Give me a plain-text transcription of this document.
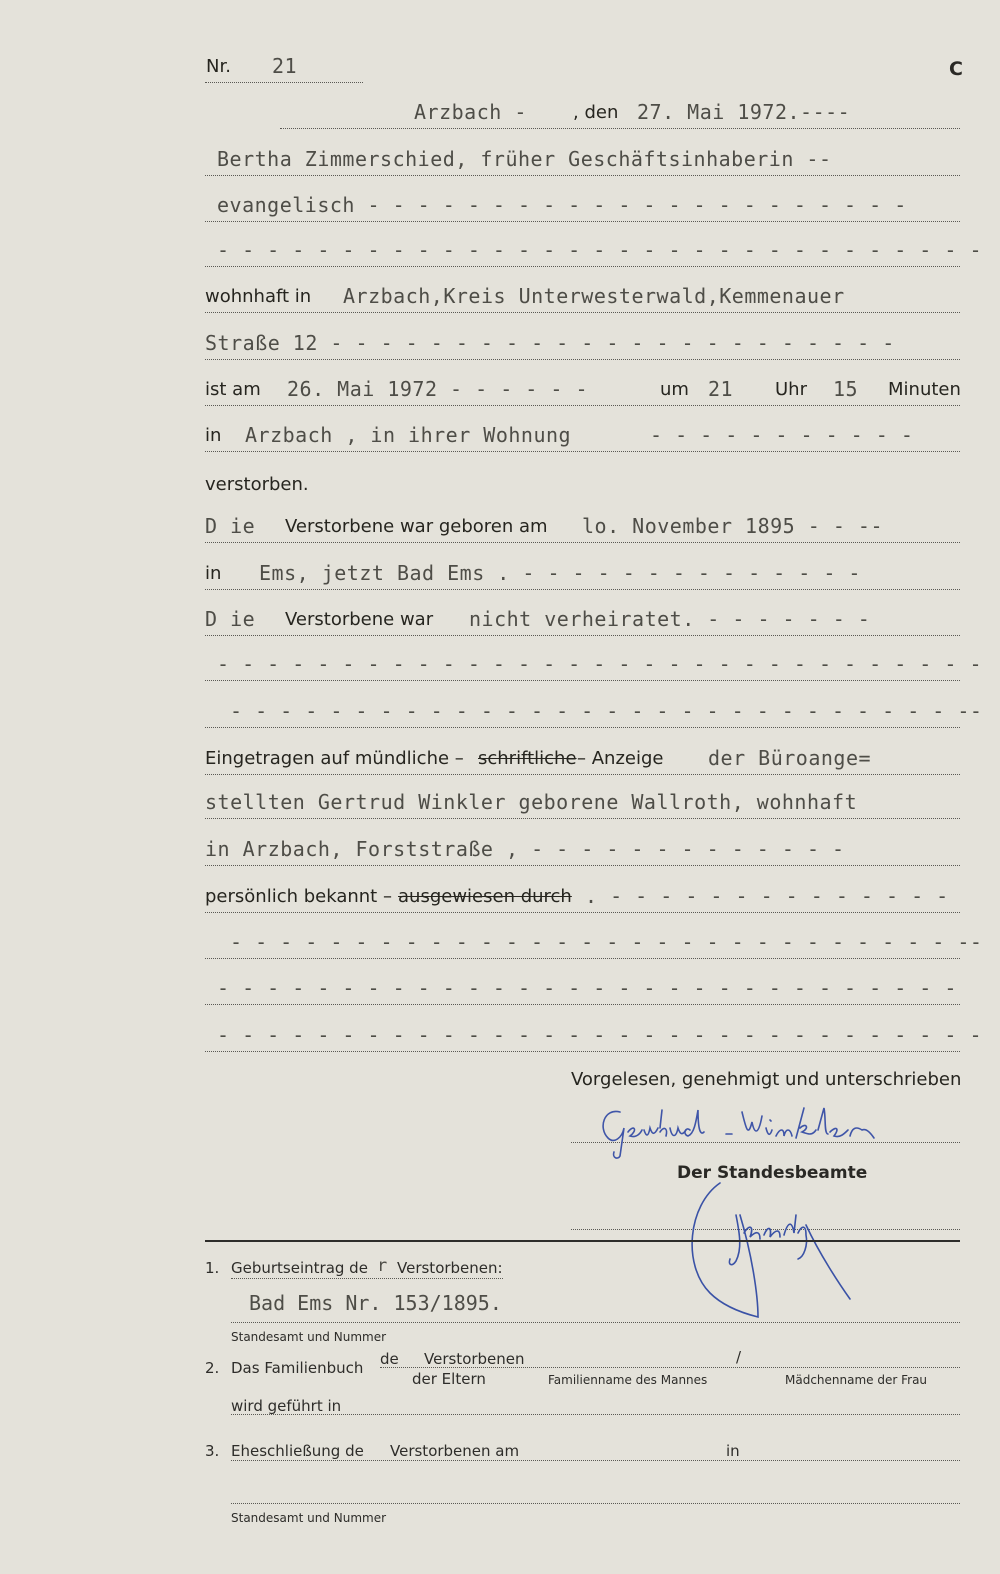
Nr. 21	C
Arzbach -	, den 27. Mai 1972.----
Bertha Zimmerschied, früher Geschäftsinhaberin --
evangelisch - - - - - - - - - - - - - - - - - - - - - -
- - - - - - - - - - - - - - - - - - - - - - - - - - - - - - -
wohnhaft in Arzbach,Kreis Unterwesterwald,Kemmenauer
Straße 12 - - - - - - - - - - - - - - - - - - - - - - -
ist am 26. Mai 1972 - - - - - -	um 21 Uhr 15 Minuten
in Arzbach , in ihrer Wohnung	- - - - - - - - - - -
verstorben.
D ie Verstorbene war geboren am lo. November 1895 - - --
in Ems, jetzt Bad Ems . - - - - - - - - - - - - - -
D ie Verstorbene war nicht verheiratet. - - - - - - -
- - - - - - - - - - - - - - - - - - - - - - - - - - - - - - -
- - - - - - - - - - - - - - - - - - - - - - - - - - - - - --
Eingetragen auf mündliche – schriftliche – Anzeige der Büroange=
stellten Gertrud Winkler geborene Wallroth, wohnhaft
in Arzbach, Forststraße , - - - - - - - - - - - - -
persönlich bekannt – ausgewiesen durch . - - - - - - - - - - - - - -
- - - - - - - - - - - - - - - - - - - - - - - - - - - - - --
- - - - - - - - - - - - - - - - - - - - - - - - - - - - - -
- - - - - - - - - - - - - - - - - - - - - - - - - - - - - - -
Vorgelesen, genehmigt und unterschrieben
Der Standesbeamte
1. Geburtseintrag de r Verstorbenen:
Bad Ems Nr. 153/1895.
Standesamt und Nummer
2. Das Familienbuch de Verstorbenen	/
der Eltern	Familienname des Mannes	Mädchenname der Frau
wird geführt in
3. Eheschließung de Verstorbenen am	in
Standesamt und Nummer
